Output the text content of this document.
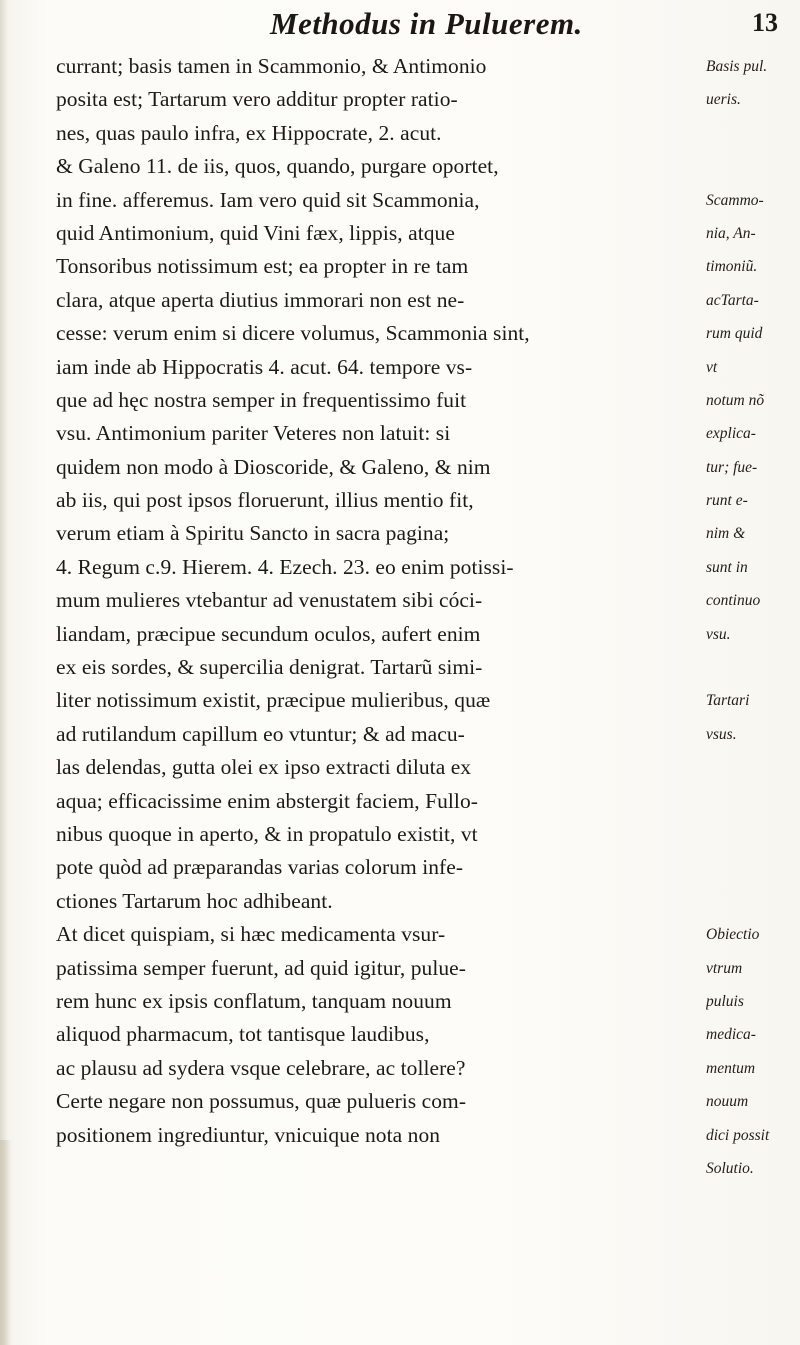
Methodus in Puluerem.	13
currant; basis tamen in Scammonio, & Antimonio
posita est; Tartarum vero additur propter ratio-
nes, quas paulo infra, ex Hippocrate, 2. acut.
& Galeno 11. de iis, quos, quando, purgare oportet,
in fine. afferemus. Iam vero quid sit Scammonia,
quid Antimonium, quid Vini fæx, lippis, atque
Tonsoribus notissimum est; ea propter in re tam
clara, atque aperta diutius immorari non est ne-
cesse: verum enim si dicere volumus, Scammonia sint,
iam inde ab Hippocratis 4. acut. 64. tempore vs-
que ad hęc nostra semper in frequentissimo fuit
vsu. Antimonium pariter Veteres non latuit: si
quidem non modo à Dioscoride, & Galeno, & nim
ab iis, qui post ipsos floruerunt, illius mentio fit,
verum etiam à Spiritu Sancto in sacra pagina;
4. Regum c.9. Hierem. 4. Ezech. 23. eo enim potissi-
mum mulieres vtebantur ad venustatem sibi cóci-
liandam, præcipue secundum oculos, aufert enim
ex eis sordes, & supercilia denigrat. Tartarũ simi-
liter notissimum existit, præcipue mulieribus, quæ
ad rutilandum capillum eo vtuntur; & ad macu-
las delendas, gutta olei ex ipso extracti diluta ex
aqua; efficacissime enim abstergit faciem, Fullo-
nibus quoque in aperto, & in propatulo existit, vt
pote quòd ad præparandas varias colorum infe-
ctiones Tartarum hoc adhibeant.
At dicet quispiam, si hæc medicamenta vsur-
patissima semper fuerunt, ad quid igitur, pulue-
rem hunc ex ipsis conflatum, tanquam nouum
aliquod pharmacum, tot tantisque laudibus,
ac plausu ad sydera vsque celebrare, ac tollere?
Certe negare non possumus, quæ pulueris com-
positionem ingrediuntur, vnicuique nota non
Basis pul.
ueris.
Scammo-
nia, An-
timoniũ.
acTarta-
rum quid
vt
notum nõ
explica-
tur; fue-
runt e-
nim &
sunt in
continuo
vsu.
Tartari
vsus.
Obiectio
vtrum
puluis
medica-
mentum
nouum
dici possit
Solutio.
